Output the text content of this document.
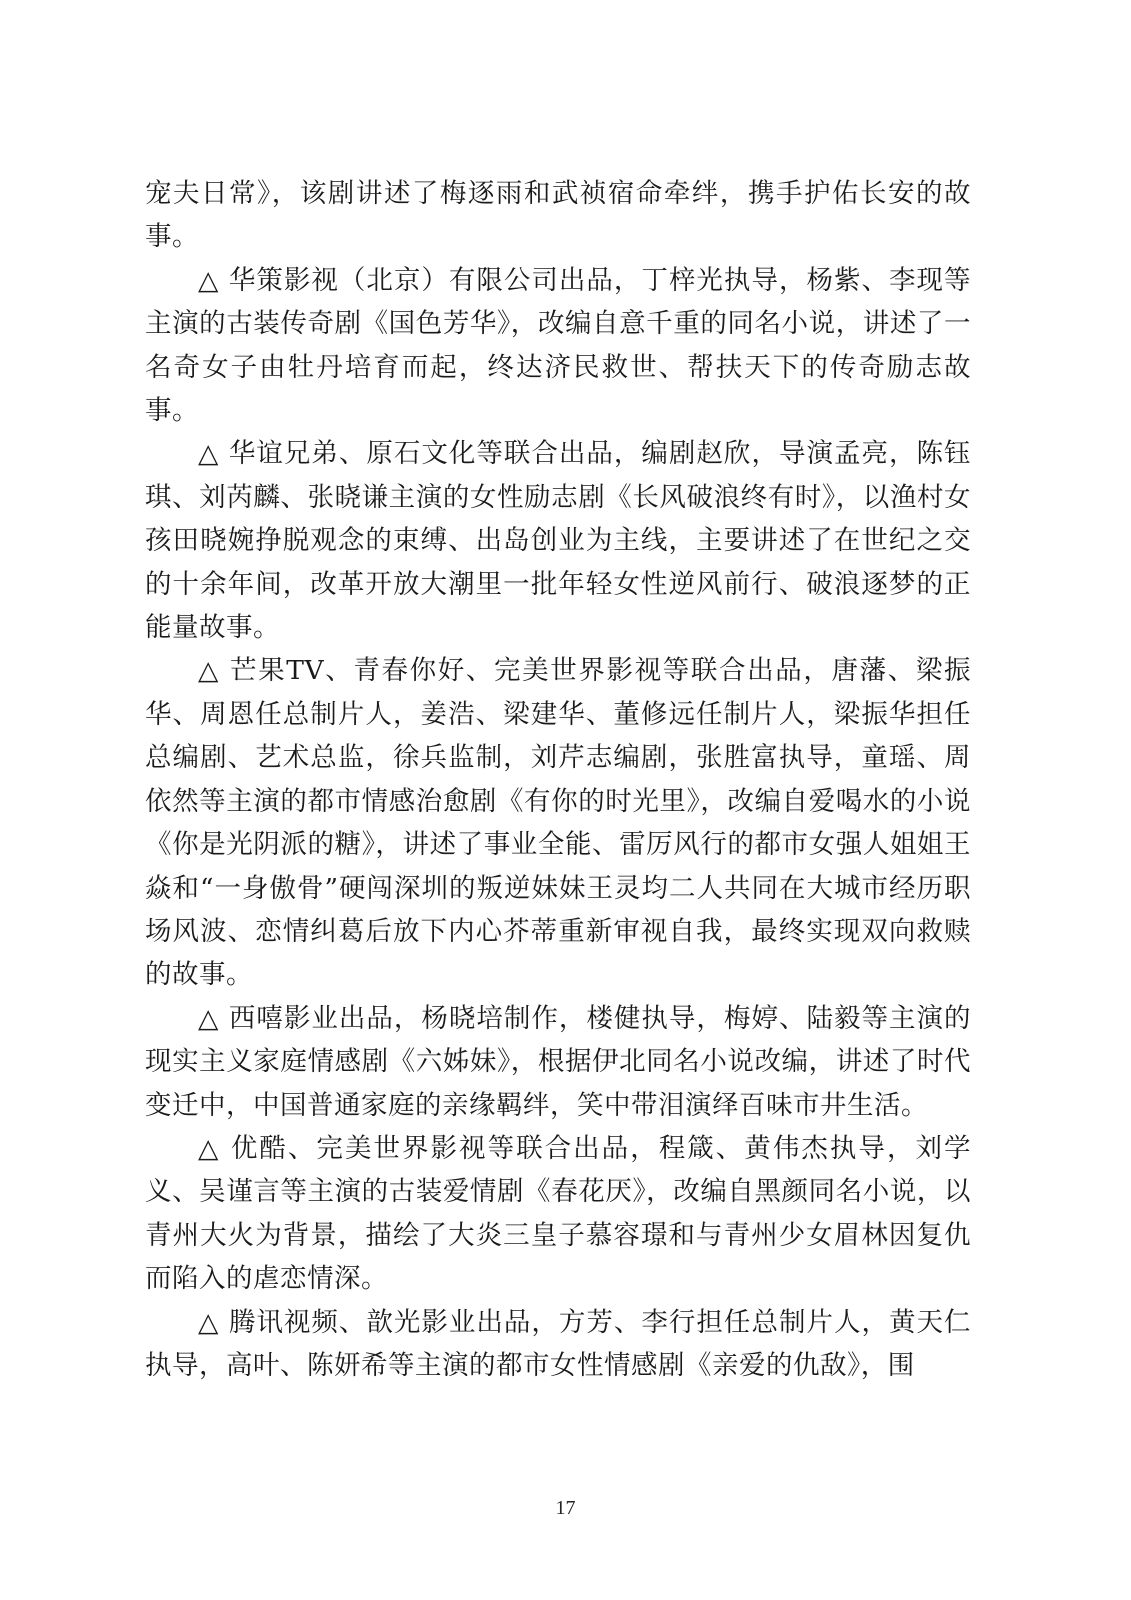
宠夫日常》，该剧讲述了梅逐雨和武祯宿命牵绊，携手护佑长安的故事。

△ 华策影视（北京）有限公司出品，丁梓光执导，杨紫、李现等主演的古装传奇剧《国色芳华》，改编自意千重的同名小说，讲述了一名奇女子由牡丹培育而起，终达济民救世、帮扶天下的传奇励志故事。

△ 华谊兄弟、原石文化等联合出品，编剧赵欣，导演孟亮，陈钰琪、刘芮麟、张晓谦主演的女性励志剧《长风破浪终有时》，以渔村女孩田晓婉挣脱观念的束缚、出岛创业为主线，主要讲述了在世纪之交的十余年间，改革开放大潮里一批年轻女性逆风前行、破浪逐梦的正能量故事。

△ 芒果TV、青春你好、完美世界影视等联合出品，唐藩、梁振华、周恩任总制片人，姜浩、梁建华、董修远任制片人，梁振华担任总编剧、艺术总监，徐兵监制，刘芹志编剧，张胜富执导，童瑶、周依然等主演的都市情感治愈剧《有你的时光里》，改编自爱喝水的小说《你是光阴派的糖》，讲述了事业全能、雷厉风行的都市女强人姐姐王焱和“一身傲骨”硬闯深圳的叛逆妹妹王灵均二人共同在大城市经历职场风波、恋情纠葛后放下内心芥蒂重新审视自我，最终实现双向救赎的故事。

△ 西嘻影业出品，杨晓培制作，楼健执导，梅婷、陆毅等主演的现实主义家庭情感剧《六姊妹》，根据伊北同名小说改编，讲述了时代变迁中，中国普通家庭的亲缘羁绊，笑中带泪演绎百味市井生活。

△ 优酷、完美世界影视等联合出品，程箴、黄伟杰执导，刘学义、吴谨言等主演的古装爱情剧《春花厌》，改编自黑颜同名小说，以青州大火为背景，描绘了大炎三皇子慕容璟和与青州少女眉林因复仇而陷入的虐恋情深。

△ 腾讯视频、歆光影业出品，方芳、李行担任总制片人，黄天仁执导，高叶、陈妍希等主演的都市女性情感剧《亲爱的仇敌》，围

17
